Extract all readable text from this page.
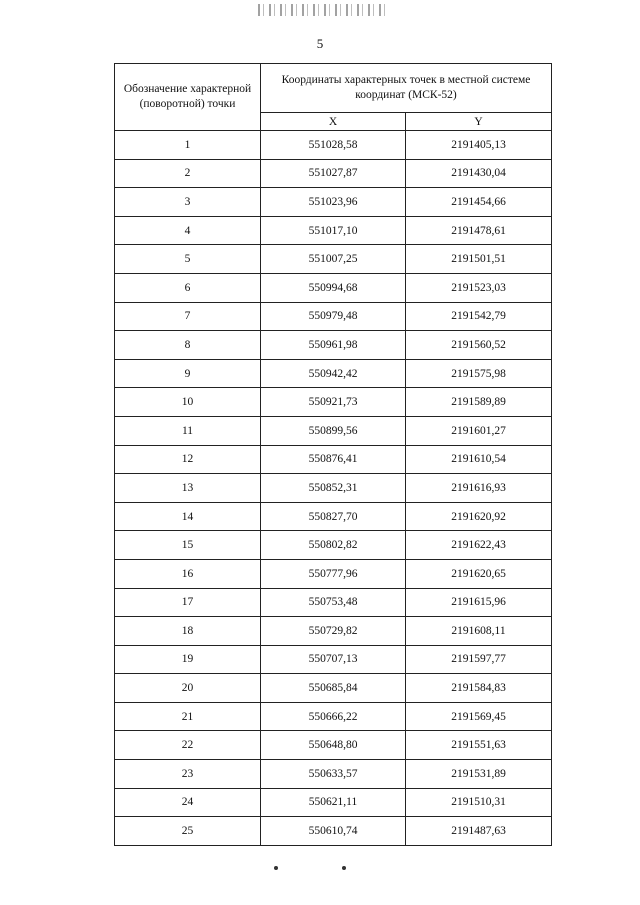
5
Обозначение характерной (поворотной) точки	Координаты характерных точек в местной системе координат (МСК-52)	
	X	Y
1	551028,58	2191405,13
2	551027,87	2191430,04
3	551023,96	2191454,66
4	551017,10	2191478,61
5	551007,25	2191501,51
6	550994,68	2191523,03
7	550979,48	2191542,79
8	550961,98	2191560,52
9	550942,42	2191575,98
10	550921,73	2191589,89
11	550899,56	2191601,27
12	550876,41	2191610,54
13	550852,31	2191616,93
14	550827,70	2191620,92
15	550802,82	2191622,43
16	550777,96	2191620,65
17	550753,48	2191615,96
18	550729,82	2191608,11
19	550707,13	2191597,77
20	550685,84	2191584,83
21	550666,22	2191569,45
22	550648,80	2191551,63
23	550633,57	2191531,89
24	550621,11	2191510,31
25	550610,74	2191487,63
